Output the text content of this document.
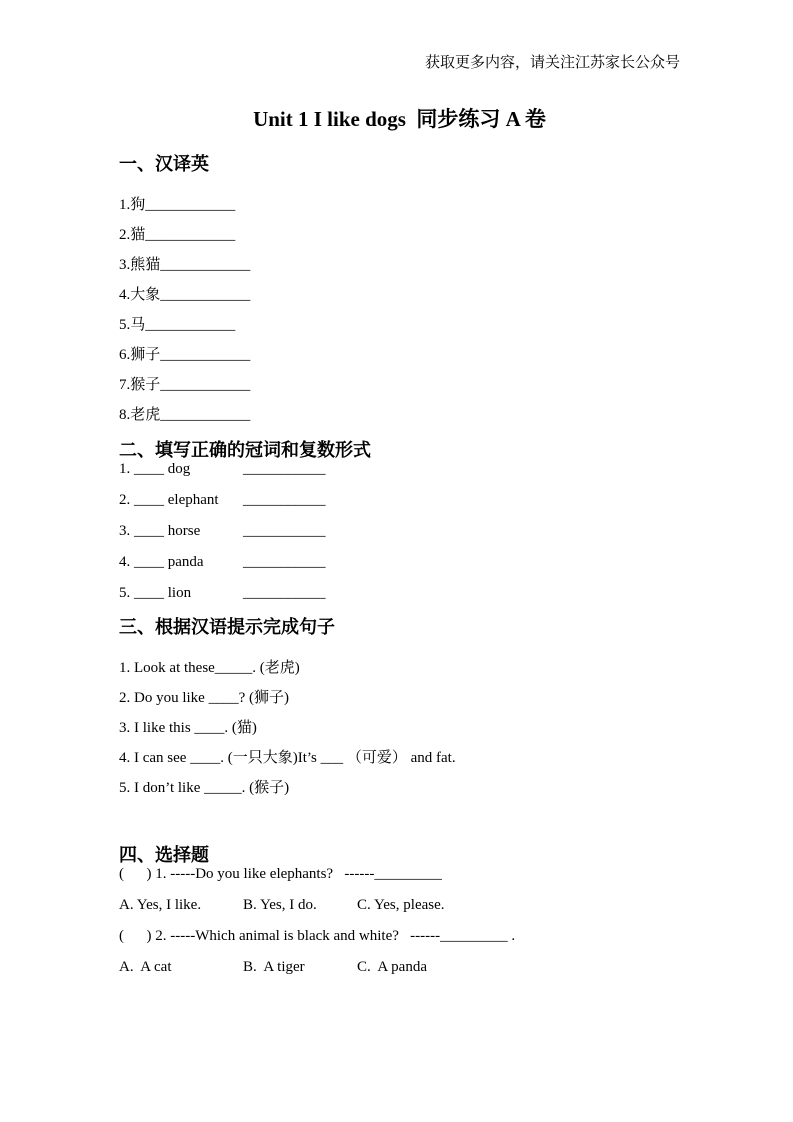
获取更多内容，请关注江苏家长公众号
Unit 1 I like dogs  同步练习 A 卷
一、汉译英
1.狗____________
2.猫____________
3.熊猫____________
4.大象____________
5.马____________
6.狮子____________
7.猴子____________
8.老虎____________
二、填写正确的冠词和复数形式
1. ____ dog	___________
2. ____ elephant ___________
3. ____ horse	___________
4. ____ panda	___________
5. ____ lion	___________
三、根据汉语提示完成句子
1. Look at these_____. (老虎)
2. Do you like ____? (狮子)
3. I like this ____. (猫)
4. I can see ____. (一只大象)It’s ___ （可爱） and fat.
5. I don’t like _____. (猴子)
四、选择题
(      ) 1. -----Do you like elephants?   ------_________
A. Yes, I like.	B. Yes, I do.	C. Yes, please.
(      ) 2. -----Which animal is black and white?   ------_________ .
A.  A cat	B.  A tiger	C.  A panda
